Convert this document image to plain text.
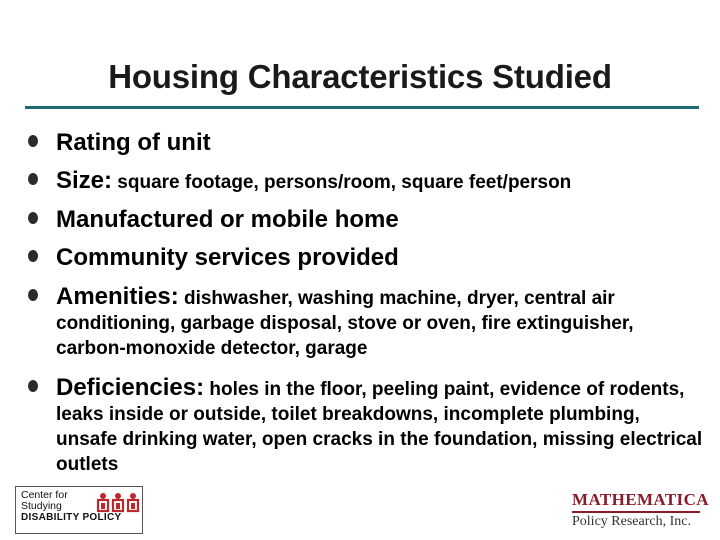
Housing Characteristics Studied
Rating of unit
Size: square footage, persons/room, square feet/person
Manufactured or mobile home
Community services provided
Amenities: dishwasher, washing machine, dryer, central air conditioning, garbage disposal, stove or oven, fire extinguisher, carbon-monoxide detector, garage
Deficiencies: holes in the floor, peeling paint, evidence of rodents, leaks inside or outside, toilet breakdowns, incomplete plumbing, unsafe drinking water, open cracks in the foundation, missing electrical outlets
Center for
Studying
DISABILITY POLICY
MATHEMATICA
Policy Research, Inc.
